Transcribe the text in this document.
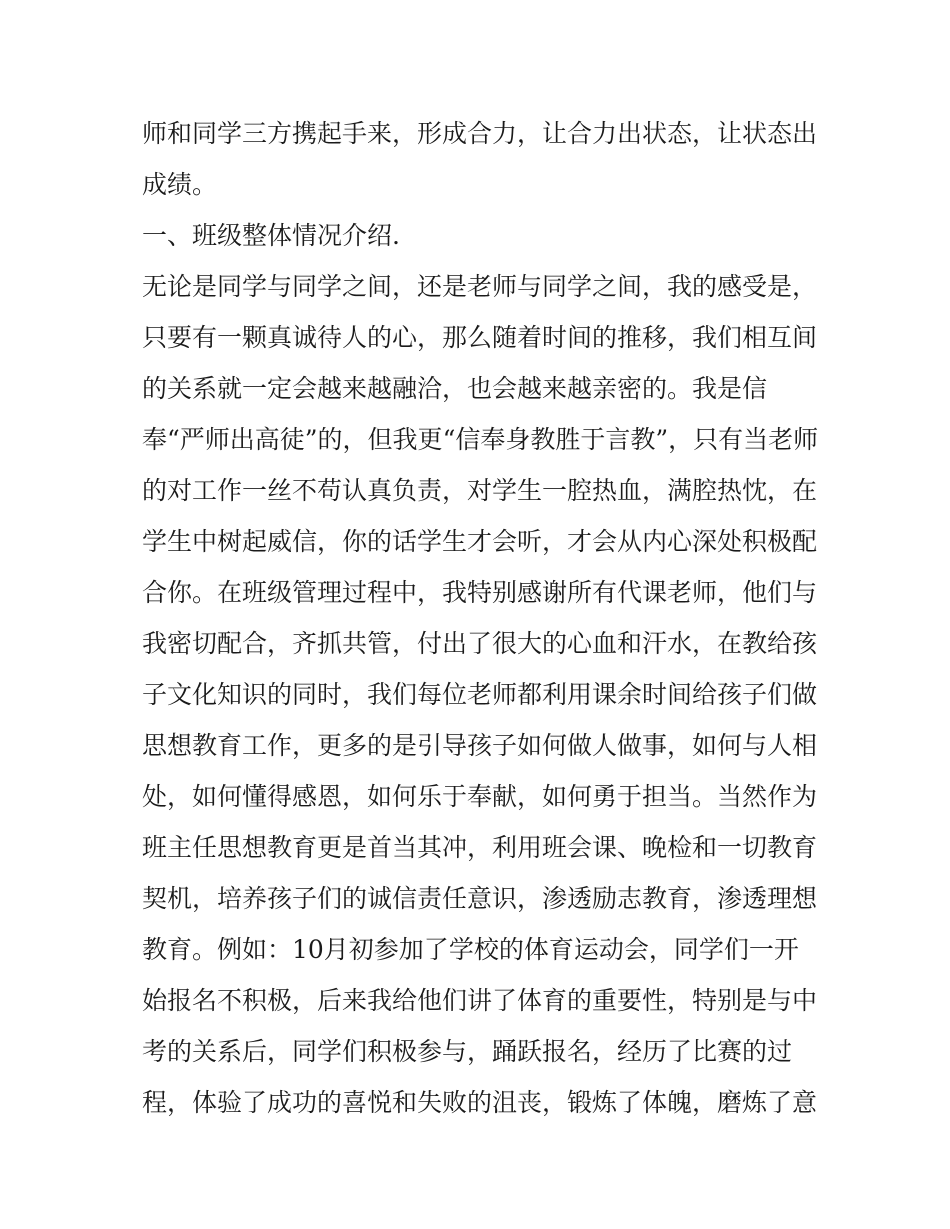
师和同学三方携起手来，形成合力，让合力出状态，让状态出
成绩。
一、班级整体情况介绍.
无论是同学与同学之间，还是老师与同学之间，我的感受是，
只要有一颗真诚待人的心，那么随着时间的推移，我们相互间
的关系就一定会越来越融洽，也会越来越亲密的。我是信
奉“严师出高徒”的，但我更“信奉身教胜于言教”，只有当老师
的对工作一丝不苟认真负责，对学生一腔热血，满腔热忱，在
学生中树起威信，你的话学生才会听，才会从内心深处积极配
合你。在班级管理过程中，我特别感谢所有代课老师，他们与
我密切配合，齐抓共管，付出了很大的心血和汗水，在教给孩
子文化知识的同时，我们每位老师都利用课余时间给孩子们做
思想教育工作，更多的是引导孩子如何做人做事，如何与人相
处，如何懂得感恩，如何乐于奉献，如何勇于担当。当然作为
班主任思想教育更是首当其冲，利用班会课、晚检和一切教育
契机，培养孩子们的诚信责任意识，渗透励志教育，渗透理想
教育。例如：10月初参加了学校的体育运动会，同学们一开
始报名不积极，后来我给他们讲了体育的重要性，特别是与中
考的关系后，同学们积极参与，踊跃报名，经历了比赛的过
程，体验了成功的喜悦和失败的沮丧，锻炼了体魄，磨炼了意
